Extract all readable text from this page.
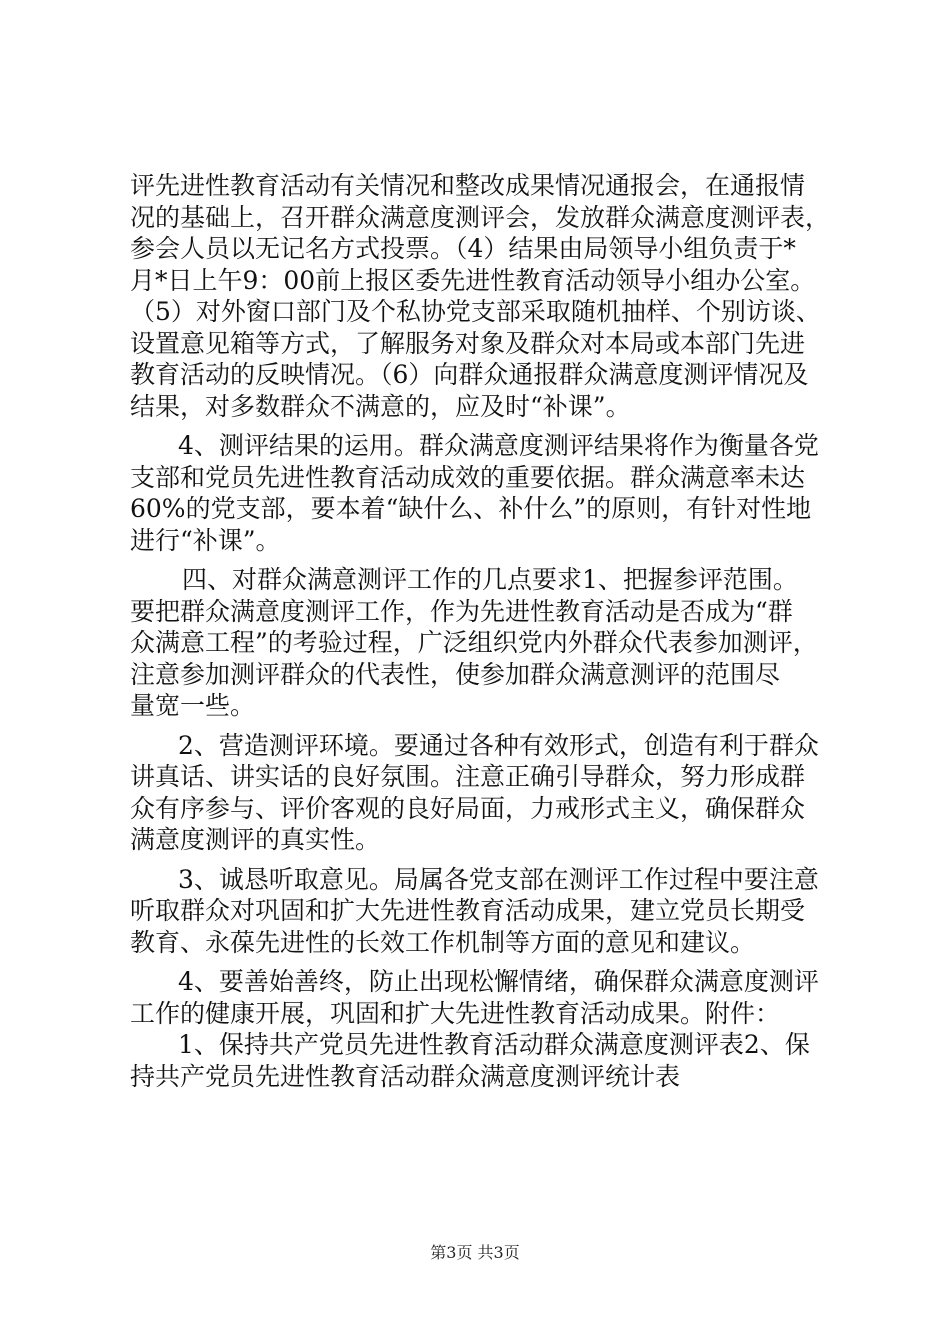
评先进性教育活动有关情况和整改成果情况通报会，在通报情
况的基础上，召开群众满意度测评会，发放群众满意度测评表，
参会人员以无记名方式投票。（4）结果由局领导小组负责于*
月*日上午9：00前上报区委先进性教育活动领导小组办公室。
（5）对外窗口部门及个私协党支部采取随机抽样、个别访谈、
设置意见箱等方式，了解服务对象及群众对本局或本部门先进
教育活动的反映情况。（6）向群众通报群众满意度测评情况及
结果，对多数群众不满意的，应及时“补课”。
4、测评结果的运用。群众满意度测评结果将作为衡量各党
支部和党员先进性教育活动成效的重要依据。群众满意率未达
60%的党支部，要本着“缺什么、补什么”的原则，有针对性地
进行“补课”。
四、对群众满意测评工作的几点要求1、把握参评范围。
要把群众满意度测评工作，作为先进性教育活动是否成为“群
众满意工程”的考验过程，广泛组织党内外群众代表参加测评，
注意参加测评群众的代表性，使参加群众满意测评的范围尽
量宽一些。
2、营造测评环境。要通过各种有效形式，创造有利于群众
讲真话、讲实话的良好氛围。注意正确引导群众，努力形成群
众有序参与、评价客观的良好局面，力戒形式主义，确保群众
满意度测评的真实性。
3、诚恳听取意见。局属各党支部在测评工作过程中要注意
听取群众对巩固和扩大先进性教育活动成果，建立党员长期受
教育、永葆先进性的长效工作机制等方面的意见和建议。
4、要善始善终，防止出现松懈情绪，确保群众满意度测评
工作的健康开展，巩固和扩大先进性教育活动成果。附件：
1、保持共产党员先进性教育活动群众满意度测评表2、保
持共产党员先进性教育活动群众满意度测评统计表
第3页 共3页
